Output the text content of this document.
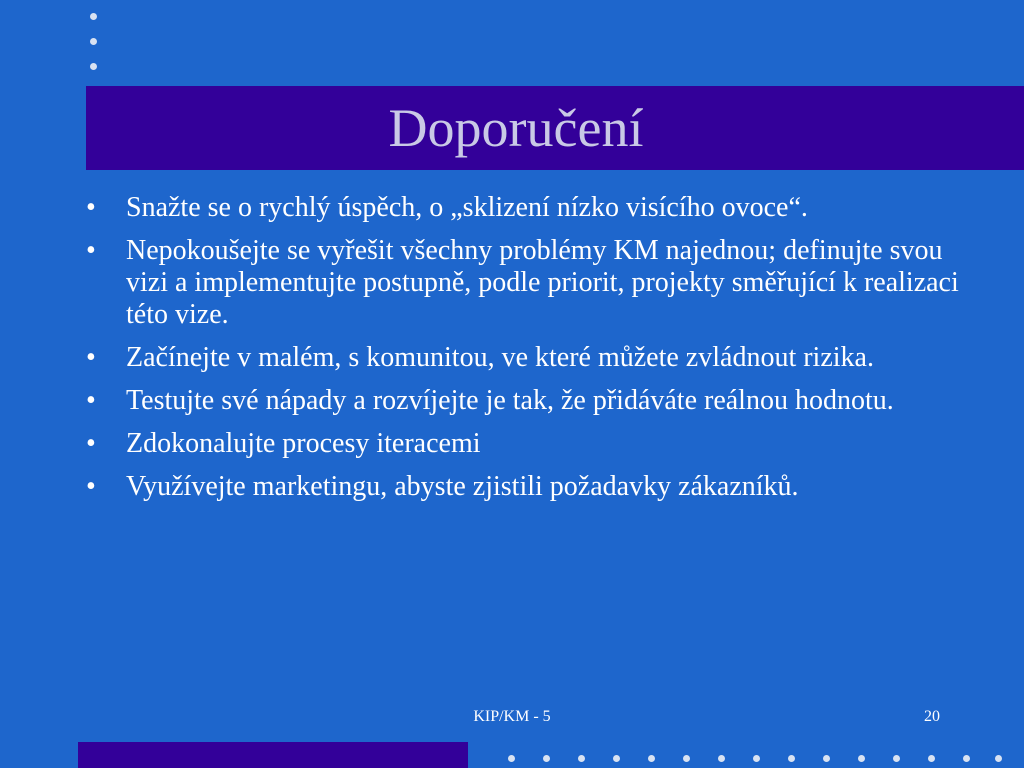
Doporučení
• Snažte se o rychlý úspěch, o „sklizení nízko visícího ovoce“.
• Nepokoušejte se vyřešit všechny problémy KM najednou; definujte svou vizi a implementujte postupně, podle priorit, projekty směřující k realizaci této vize.
• Začínejte v malém, s komunitou, ve které můžete zvládnout rizika.
• Testujte své nápady a rozvíjejte je tak, že přidáváte reálnou hodnotu.
• Zdokonalujte procesy iteracemi
• Využívejte marketingu, abyste zjistili požadavky zákazníků.
KIP/KM - 5	20
